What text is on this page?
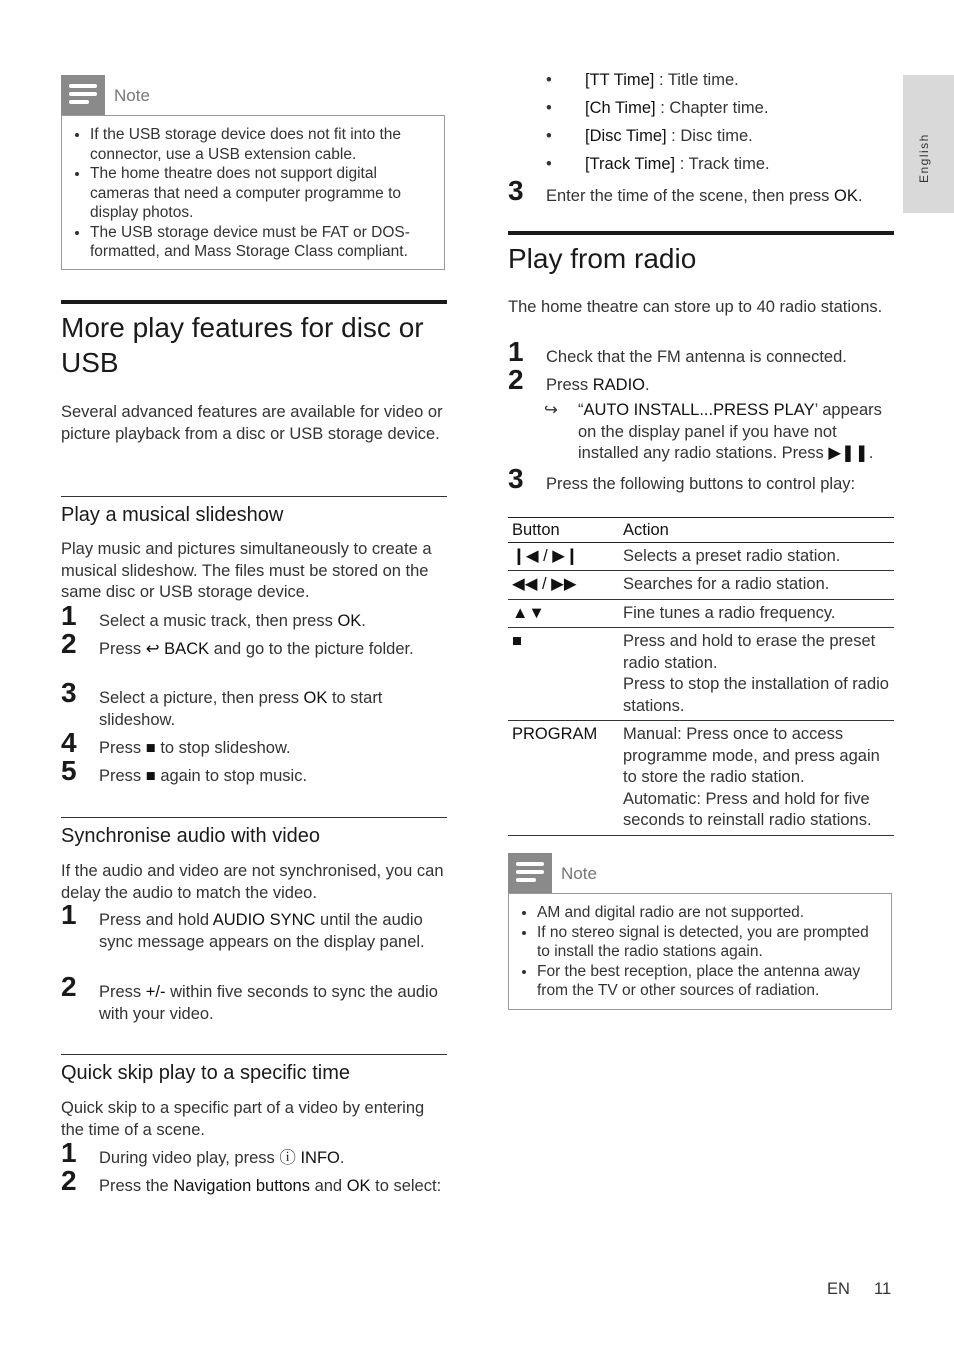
English
Note
• If the USB storage device does not fit into the connector, use a USB extension cable.
• The home theatre does not support digital cameras that need a computer programme to display photos.
• The USB storage device must be FAT or DOS-formatted, and Mass Storage Class compliant.
More play features for disc or
USB
Several advanced features are available for video or picture playback from a disc or USB storage device.
Play a musical slideshow
Play music and pictures simultaneously to create a musical slideshow. The files must be stored on the same disc or USB storage device.
1 Select a music track, then press OK.
2 Press ↩ BACK and go to the picture folder.
3 Select a picture, then press OK to start slideshow.
4 Press ■ to stop slideshow.
5 Press ■ again to stop music.
Synchronise audio with video
If the audio and video are not synchronised, you can delay the audio to match the video.
1 Press and hold AUDIO SYNC until the audio sync message appears on the display panel.
2 Press +/- within five seconds to sync the audio with your video.
Quick skip play to a specific time
Quick skip to a specific part of a video by entering the time of a scene.
1 During video play, press ⓘ INFO.
2 Press the Navigation buttons and OK to select:
• [TT Time] : Title time.
• [Ch Time] : Chapter time.
• [Disc Time] : Disc time.
• [Track Time] : Track time.
3 Enter the time of the scene, then press OK.
Play from radio
The home theatre can store up to 40 radio stations.
1 Check that the FM antenna is connected.
2 Press RADIO.
↪ “AUTO INSTALL...PRESS PLAY’ appears on the display panel if you have not installed any radio stations. Press ▶❚❚.
3 Press the following buttons to control play:
Button	Action
❙◀ / ▶❙	Selects a preset radio station.
◀◀ / ▶▶	Searches for a radio station.
▲▼	Fine tunes a radio frequency.
■	Press and hold to erase the preset radio station.
Press to stop the installation of radio stations.
PROGRAM	Manual: Press once to access programme mode, and press again to store the radio station.
Automatic: Press and hold for five seconds to reinstall radio stations.
Note
• AM and digital radio are not supported.
• If no stereo signal is detected, you are prompted to install the radio stations again.
• For the best reception, place the antenna away from the TV or other sources of radiation.
EN 11
